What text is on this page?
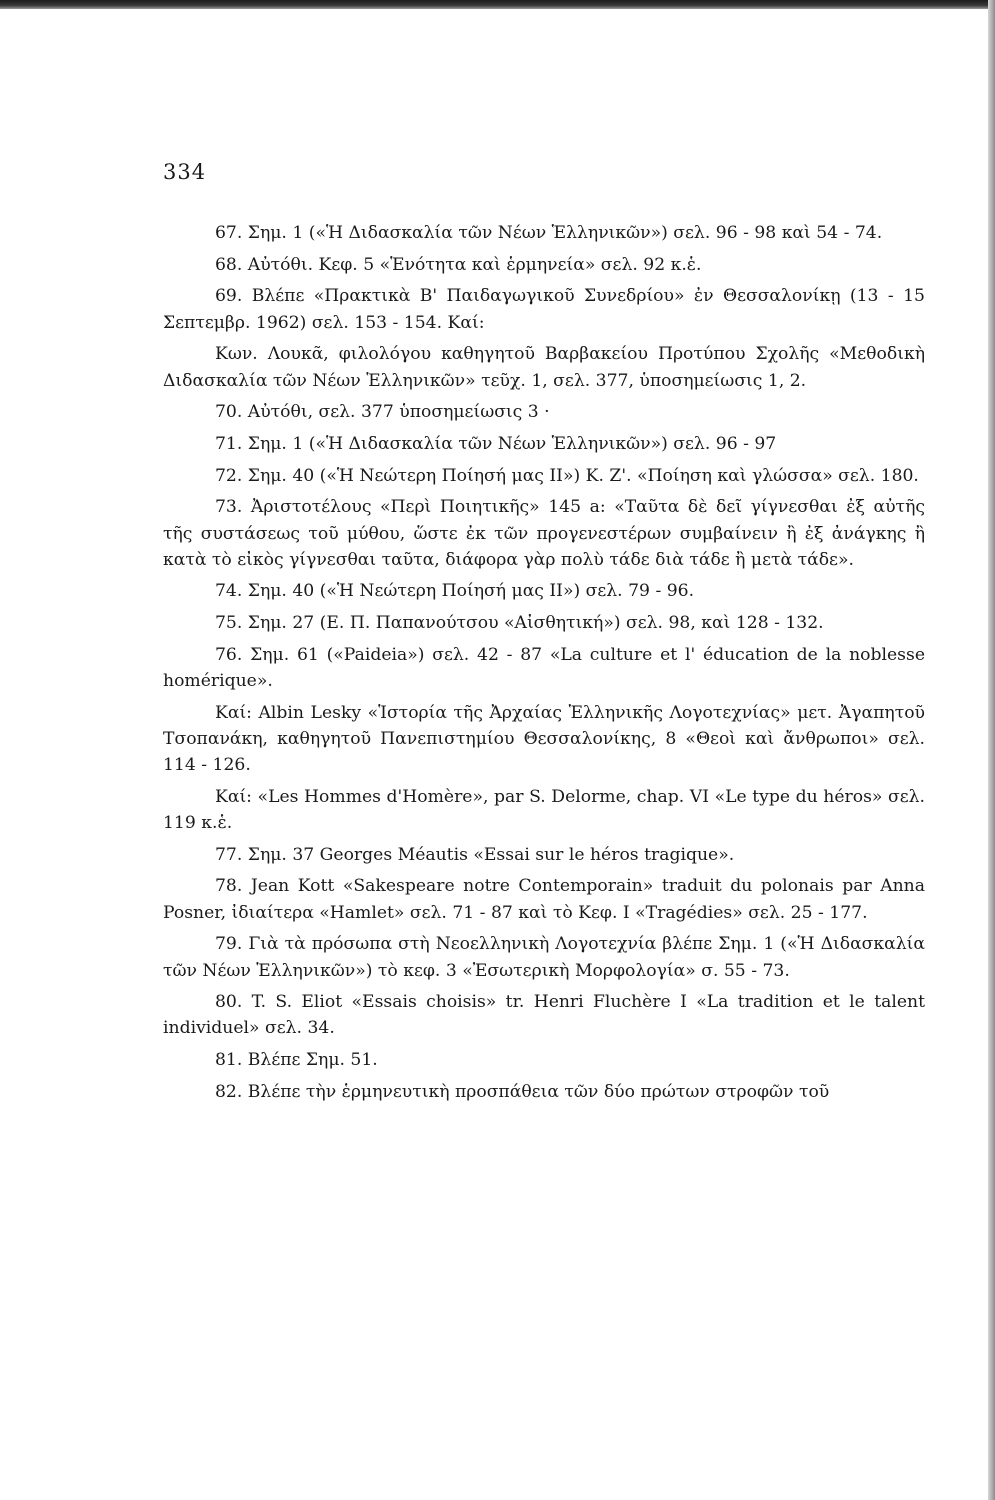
334

67. Σημ. 1 («Ἡ Διδασκαλία τῶν Νέων Ἑλληνικῶν») σελ. 96 - 98 καὶ 54 - 74.

68. Αὐτόθι. Κεφ. 5 «Ἑνότητα καὶ ἑρμηνεία» σελ. 92 κ.ἑ.

69. Βλέπε «Πρακτικὰ Β' Παιδαγωγικοῦ Συνεδρίου» ἐν Θεσσαλονίκῃ (13 - 15 Σεπτεμβρ. 1962) σελ. 153 - 154. Καί:

Κων. Λουκᾶ, φιλολόγου καθηγητοῦ Βαρβακείου Προτύπου Σχολῆς «Μεθοδικὴ Διδασκαλία τῶν Νέων Ἑλληνικῶν» τεῦχ. 1, σελ. 377, ὑποσημείωσις 1, 2.

70. Αὐτόθι, σελ. 377 ὑποσημείωσις 3 ·

71. Σημ. 1 («Ἡ Διδασκαλία τῶν Νέων Ἑλληνικῶν») σελ. 96 - 97

72. Σημ. 40 («Ἡ Νεώτερη Ποίησή μας ΙΙ») Κ. Ζ'. «Ποίηση καὶ γλώσσα» σελ. 180.

73. Ἀριστοτέλους «Περὶ Ποιητικῆς» 145 a: «Ταῦτα δὲ δεῖ γίγνεσθαι ἐξ αὐτῆς τῆς συστάσεως τοῦ μύθου, ὥστε ἐκ τῶν προγενεστέρων συμβαίνειν ἢ ἐξ ἀνάγκης ἢ κατὰ τὸ εἰκὸς γίγνεσθαι ταῦτα, διάφορα γὰρ πολὺ τάδε διὰ τάδε ἢ μετὰ τάδε».

74. Σημ. 40 («Ἡ Νεώτερη Ποίησή μας ΙΙ») σελ. 79 - 96.

75. Σημ. 27 (Ε. Π. Παπανούτσου «Αἰσθητική») σελ. 98, καὶ 128 - 132.

76. Σημ. 61 («Paideia») σελ. 42 - 87 «La culture et l' éducation de la noblesse homérique».

Καί: Albin Lesky «Ἱστορία τῆς Ἀρχαίας Ἑλληνικῆς Λογοτεχνίας» μετ. Ἀγαπητοῦ Τσοπανάκη, καθηγητοῦ Πανεπιστημίου Θεσσαλονίκης, 8 «Θεοὶ καὶ ἄνθρωποι» σελ. 114 - 126.

Καί: «Les Hommes d'Homère», par S. Delorme, chap. VI «Le type du héros» σελ. 119 κ.ἑ.

77. Σημ. 37 Georges Méautis «Essai sur le héros tragique».

78. Jean Kott «Sakespeare notre Contemporain» traduit du polonais par Anna Posner, ἰδιαίτερα «Hamlet» σελ. 71 - 87 καὶ τὸ Κεφ. Ι «Tragédies» σελ. 25 - 177.

79. Γιὰ τὰ πρόσωπα στὴ Νεοελληνικὴ Λογοτεχνία βλέπε Σημ. 1 («Ἡ Διδασκαλία τῶν Νέων Ἑλληνικῶν») τὸ κεφ. 3 «Ἐσωτερικὴ Μορφολογία» σ. 55 - 73.

80. T. S. Eliot «Essais choisis» tr. Henri Fluchère I «La tradition et le talent individuel» σελ. 34.

81. Βλέπε Σημ. 51.

82. Βλέπε τὴν ἑρμηνευτικὴ προσπάθεια τῶν δύο πρώτων στροφῶν τοῦ
